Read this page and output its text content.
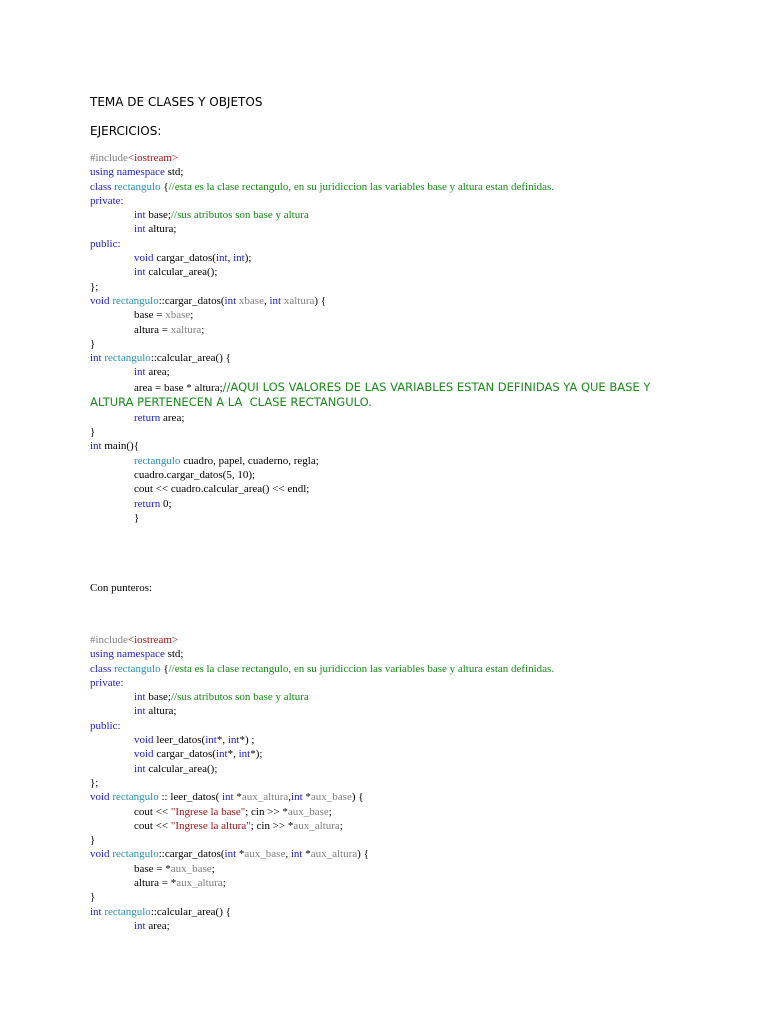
TEMA DE CLASES Y OBJETOS
EJERCICIOS:
#include<iostream>
using namespace std;
class rectangulo {//esta es la clase rectangulo, en su juridiccion las variables base y altura estan definidas.
private:
int base;//sus atributos son base y altura
int altura;
public:
void cargar_datos(int, int);
int calcular_area();
};
void rectangulo::cargar_datos(int xbase, int xaltura) {
base = xbase;
altura = xaltura;
}
int rectangulo::calcular_area() {
int area;
area = base * altura;//AQUI LOS VALORES DE LAS VARIABLES ESTAN DEFINIDAS YA QUE BASE Y
ALTURA PERTENECEN A LA  CLASE RECTANGULO.
return area;
}
int main(){
rectangulo cuadro, papel, cuaderno, regla;
cuadro.cargar_datos(5, 10);
cout << cuadro.calcular_area() << endl;
return 0;
}
Con punteros:
#include<iostream>
using namespace std;
class rectangulo {//esta es la clase rectangulo, en su juridiccion las variables base y altura estan definidas.
private:
int base;//sus atributos son base y altura
int altura;
public:
void leer_datos(int*, int*) ;
void cargar_datos(int*, int*);
int calcular_area();
};
void rectangulo :: leer_datos( int *aux_altura,int *aux_base) {
cout << "Ingrese la base"; cin >> *aux_base;
cout << "Ingrese la altura"; cin >> *aux_altura;
}
void rectangulo::cargar_datos(int *aux_base, int *aux_altura) {
base = *aux_base;
altura = *aux_altura;
}
int rectangulo::calcular_area() {
int area;
